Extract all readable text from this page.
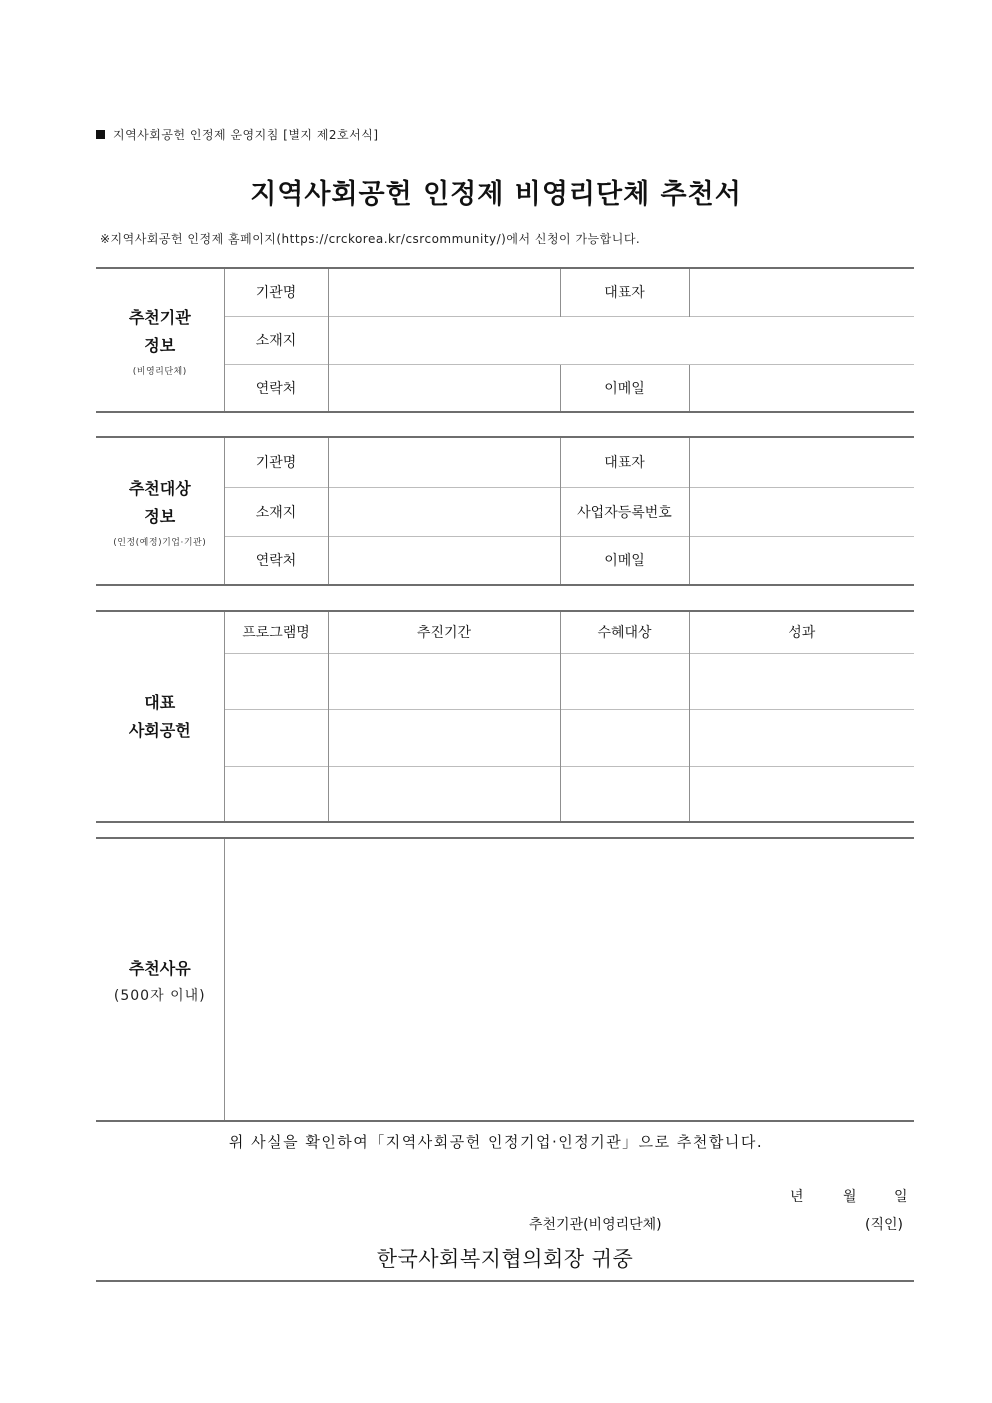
지역사회공헌 인정제 운영지침 [별지 제2호서식]
지역사회공헌 인정제 비영리단체 추천서
※지역사회공헌 인정제 홈페이지(https://crckorea.kr/csrcommunity/)에서 신청이 가능합니다.
추천기관
정보
(비영리단체)	기관명		대표자	
	소재지			
	연락처		이메일	
추천대상
정보
(인정(예정)기업·기관)	기관명		대표자	
	소재지		사업자등록번호	
	연락처		이메일	
대표
사회공헌	프로그램명	추진기간	수혜대상	성과

추천사유
(500자 이내)

위 사실을 확인하여「지역사회공헌 인정기업·인정기관」으로 추천합니다.
년	월	일
추천기관(비영리단체)	(직인)
한국사회복지협의회장 귀중
